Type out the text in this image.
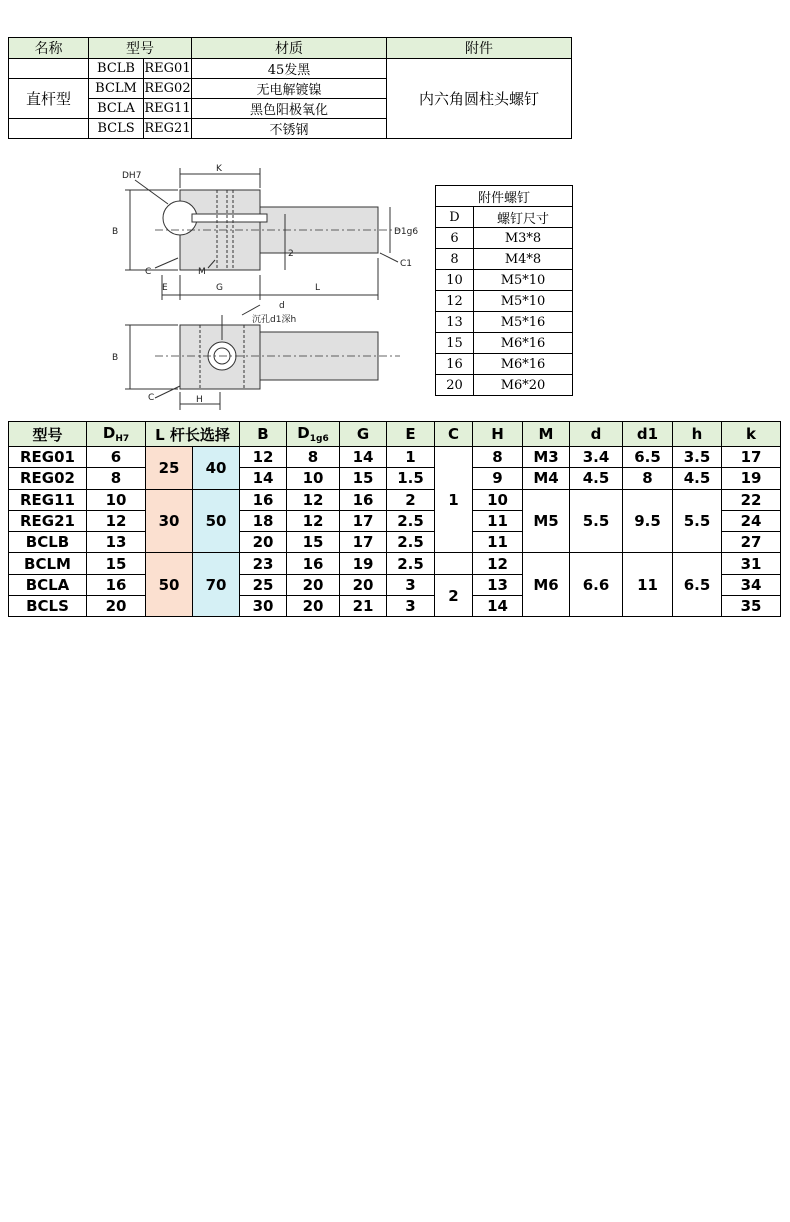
名称	型号		材质	附件
	BCLB	REG01	45发黑	内六角圆柱头螺钉
直杆型	BCLM	REG02	无电解镀镍	
	BCLA	REG11	黑色阳极氧化	
	BCLS	REG21	不锈钢	
DH7
K
B	D1g6
2
C1
C	M
E	G	L
d
沉孔d1深h
B
C	H
附件螺钉	
D	螺钉尺寸
6	M3*8
8	M4*8
10	M5*10
12	M5*10
13	M5*16
15	M6*16
16	M6*16
20	M6*20
型号	$D_{H7}$	L 杆长选择		B	$D_{1g6}$	G	E	C	H	M	d	d1	h	k
REG01	6	25	40	12	8	14	1	1	8	M3	3.4	6.5	3.5	17
REG02	8			14	10	15	1.5		9	M4	4.5	8	4.5	19
REG11	10	30	50	16	12	16	2		10	M5	5.5	9.5	5.5	22
REG21	12			18	12	17	2.5		11					24
BCLB	13			20	15	17	2.5		11					27
BCLM	15	50	70	23	16	19	2.5		12	M6	6.6	11	6.5	31
BCLA	16			25	20	20	3	2	13					34
BCLS	20			30	20	21	3		14					35
